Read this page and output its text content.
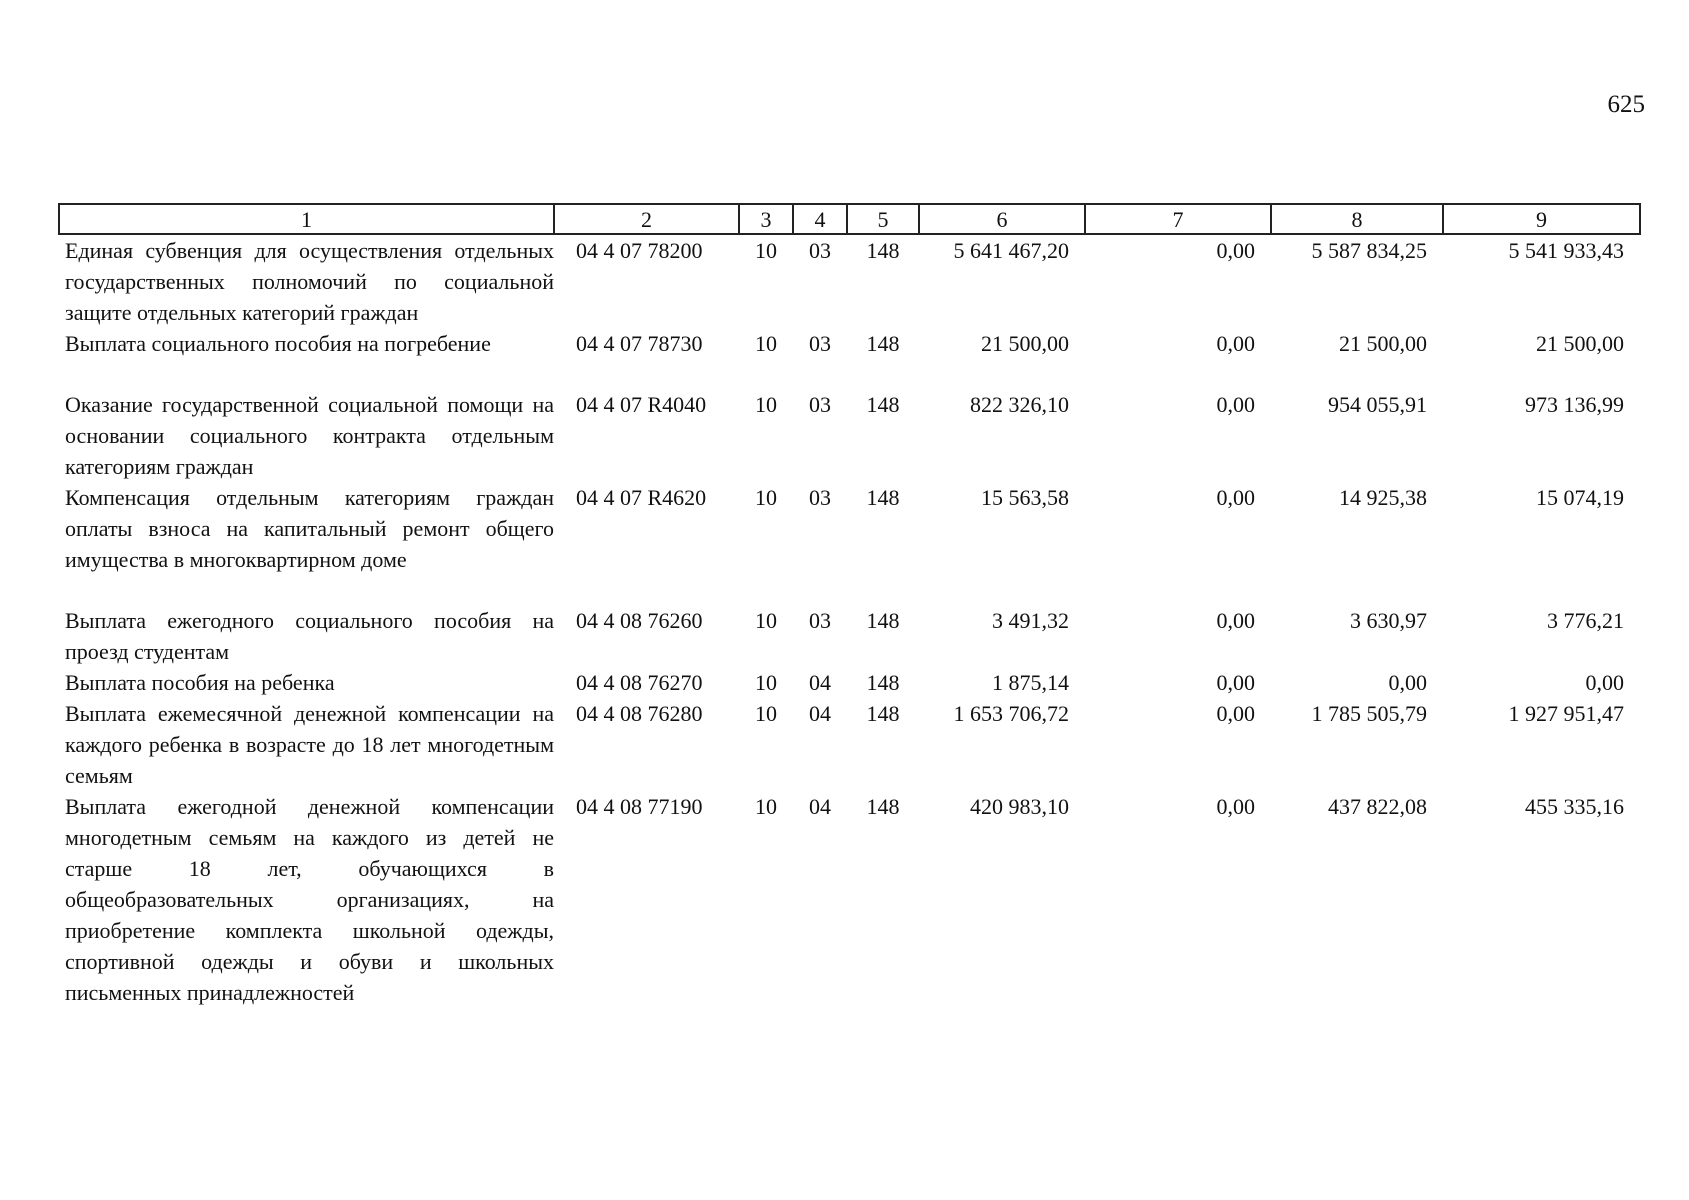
625
1	2	3	4	5	6	7	8	9
Единая субвенция для осуществления отдельных государственных полномочий по социальной защите отдельных категорий граждан	04 4 07 78200	10	03	148	5 641 467,20	0,00	5 587 834,25	5 541 933,43
Выплата социального пособия на погребение	04 4 07 78730	10	03	148	21 500,00	0,00	21 500,00	21 500,00
Оказание государственной социальной помощи на основании социального контракта отдельным категориям граждан	04 4 07 R4040	10	03	148	822 326,10	0,00	954 055,91	973 136,99
Компенсация отдельным категориям граждан оплаты взноса на капитальный ремонт общего имущества в многоквартирном доме	04 4 07 R4620	10	03	148	15 563,58	0,00	14 925,38	15 074,19
Выплата ежегодного социального пособия на проезд студентам	04 4 08 76260	10	03	148	3 491,32	0,00	3 630,97	3 776,21
Выплата пособия на ребенка	04 4 08 76270	10	04	148	1 875,14	0,00	0,00	0,00
Выплата ежемесячной денежной компенсации на каждого ребенка в возрасте до 18 лет многодетным семьям	04 4 08 76280	10	04	148	1 653 706,72	0,00	1 785 505,79	1 927 951,47
Выплата ежегодной денежной компенсации многодетным семьям на каждого из детей не старше 18 лет, обучающихся в общеобразовательных организациях, на приобретение комплекта школьной одежды, спортивной одежды и обуви и школьных письменных принадлежностей	04 4 08 77190	10	04	148	420 983,10	0,00	437 822,08	455 335,16
